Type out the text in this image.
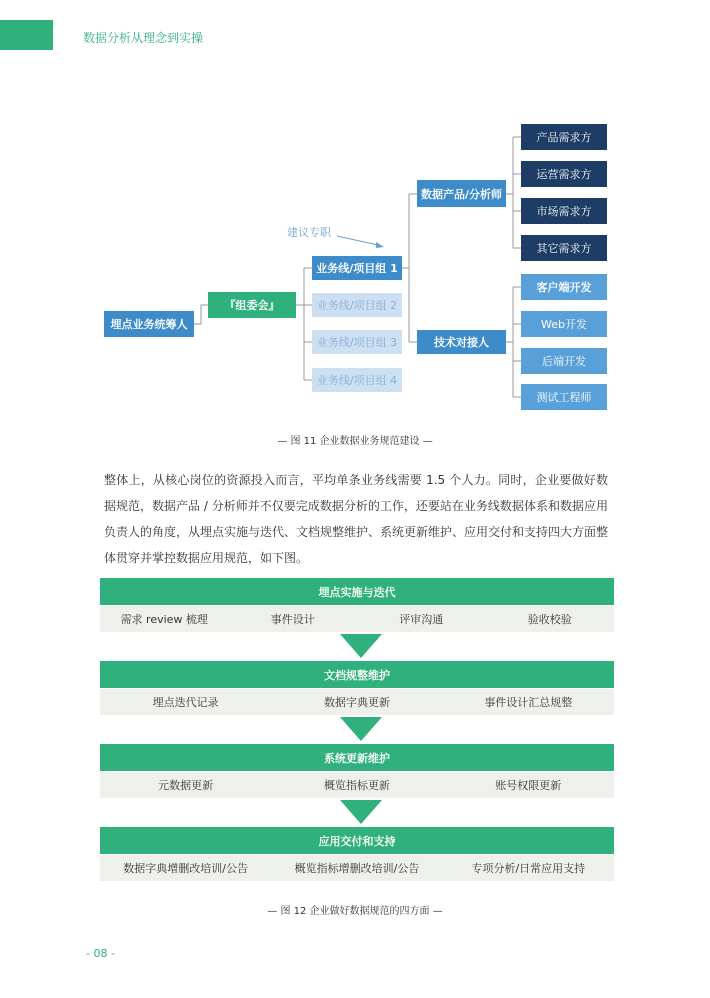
数据分析从理念到实操
埋点业务统筹人
『组委会』
建议专职
业务线/项目组 1
业务线/项目组 2
业务线/项目组 3
业务线/项目组 4
数据产品/分析师
技术对接人
产品需求方
运营需求方
市场需求方
其它需求方
客户端开发
Web开发
后端开发
测试工程师
— 图 11 企业数据业务规范建设 —
整体上，从核心岗位的资源投入而言，平均单条业务线需要 1.5 个人力。同时，企业要做好数据规范，数据产品 / 分析师并不仅要完成数据分析的工作，还要站在业务线数据体系和数据应用负责人的角度，从埋点实施与迭代、文档规整维护、系统更新维护、应用交付和支持四大方面整体贯穿并掌控数据应用规范，如下图。
埋点实施与迭代
需求 review 梳理	事件设计	评审沟通	验收校验
文档规整维护
埋点迭代记录	数据字典更新	事件设计汇总规整
系统更新维护
元数据更新	概览指标更新	账号权限更新
应用交付和支持
数据字典增删改培训/公告	概览指标增删改培训/公告	专项分析/日常应用支持
— 图 12 企业做好数据规范的四方面 —
- 08 -
